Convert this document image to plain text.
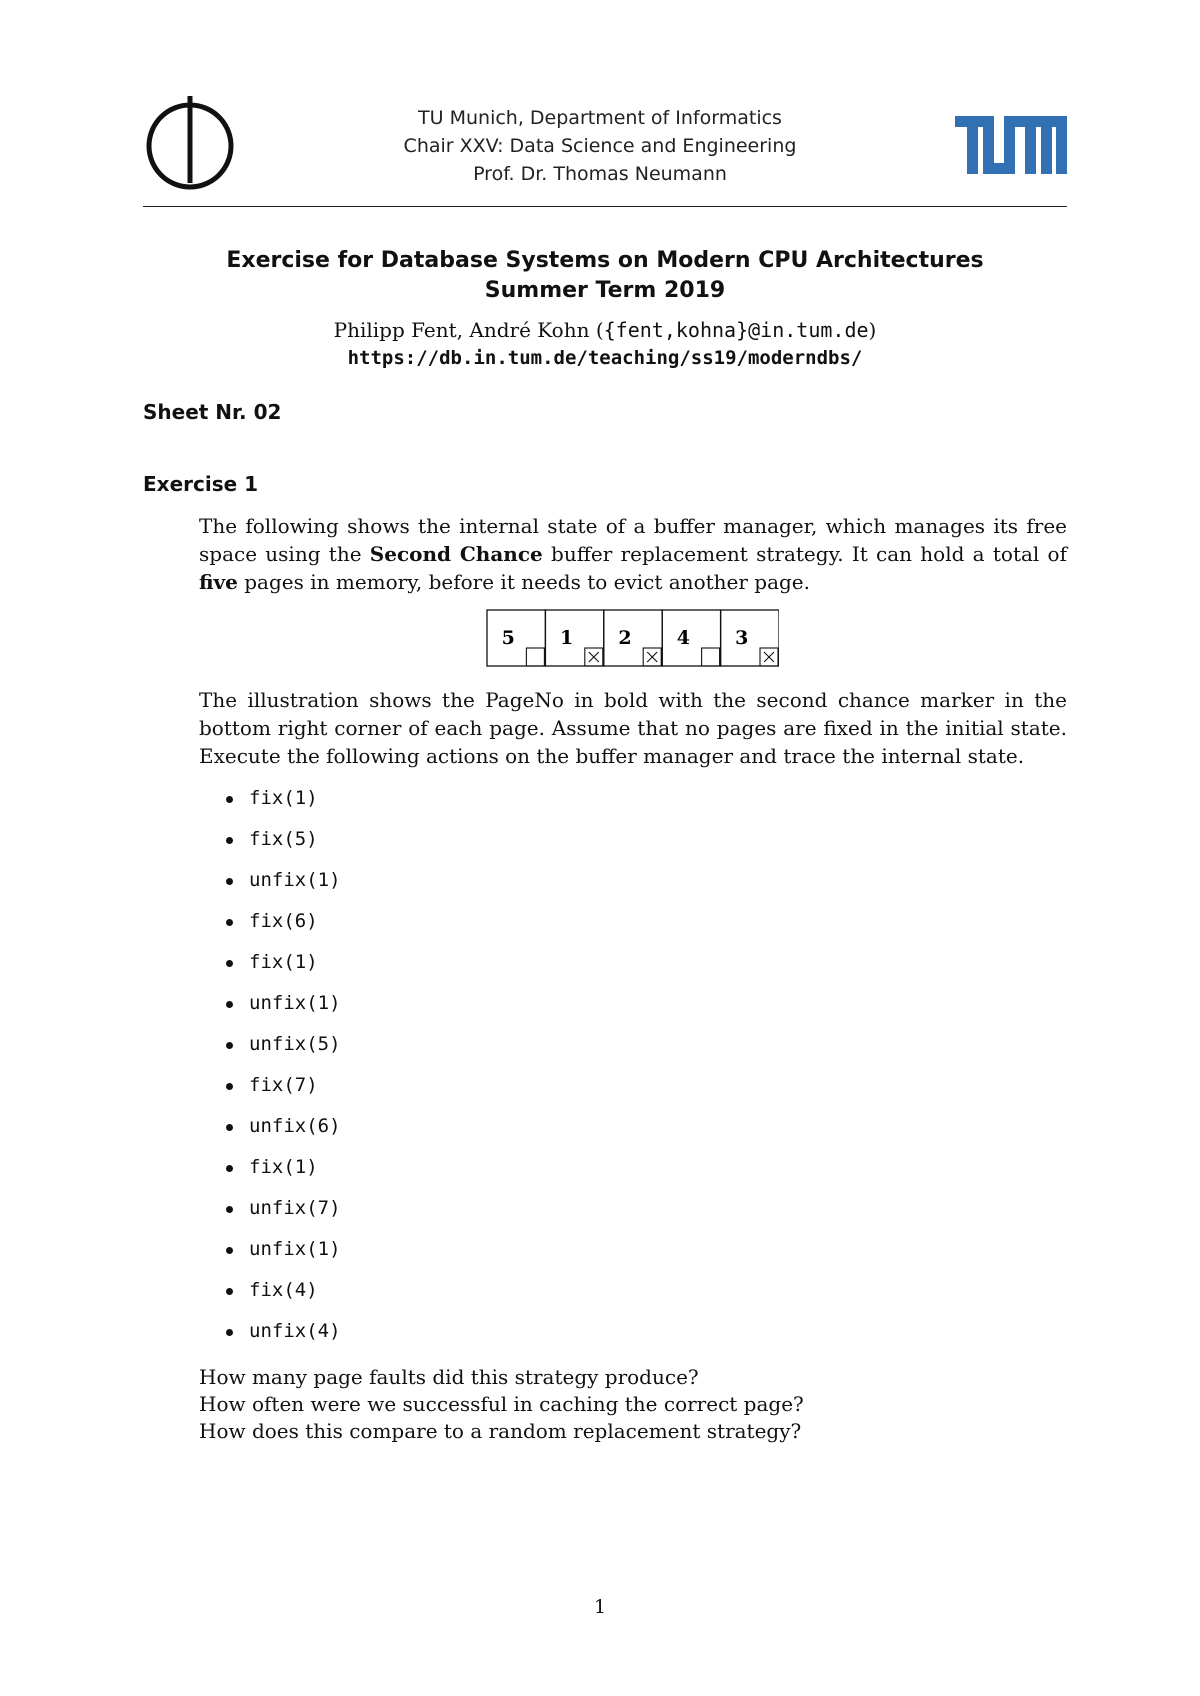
TU Munich, Department of Informatics
Chair XXV: Data Science and Engineering
Prof. Dr. Thomas Neumann
Exercise for Database Systems on Modern CPU Architectures
Summer Term 2019
Philipp Fent, André Kohn ({fent,kohna}@in.tum.de)
https://db.in.tum.de/teaching/ss19/moderndbs/
Sheet Nr. 02
Exercise 1
The following shows the internal state of a buffer manager, which manages its free space using the Second Chance buffer replacement strategy. It can hold a total of five pages in memory, before it needs to evict another page.
5 1 2 4 3
The illustration shows the PageNo in bold with the second chance marker in the bottom right corner of each page. Assume that no pages are fixed in the initial state. Execute the following actions on the buffer manager and trace the internal state.
fix(1)
fix(5)
unfix(1)
fix(6)
fix(1)
unfix(1)
unfix(5)
fix(7)
unfix(6)
fix(1)
unfix(7)
unfix(1)
fix(4)
unfix(4)
How many page faults did this strategy produce?
How often were we successful in caching the correct page?
How does this compare to a random replacement strategy?
1
